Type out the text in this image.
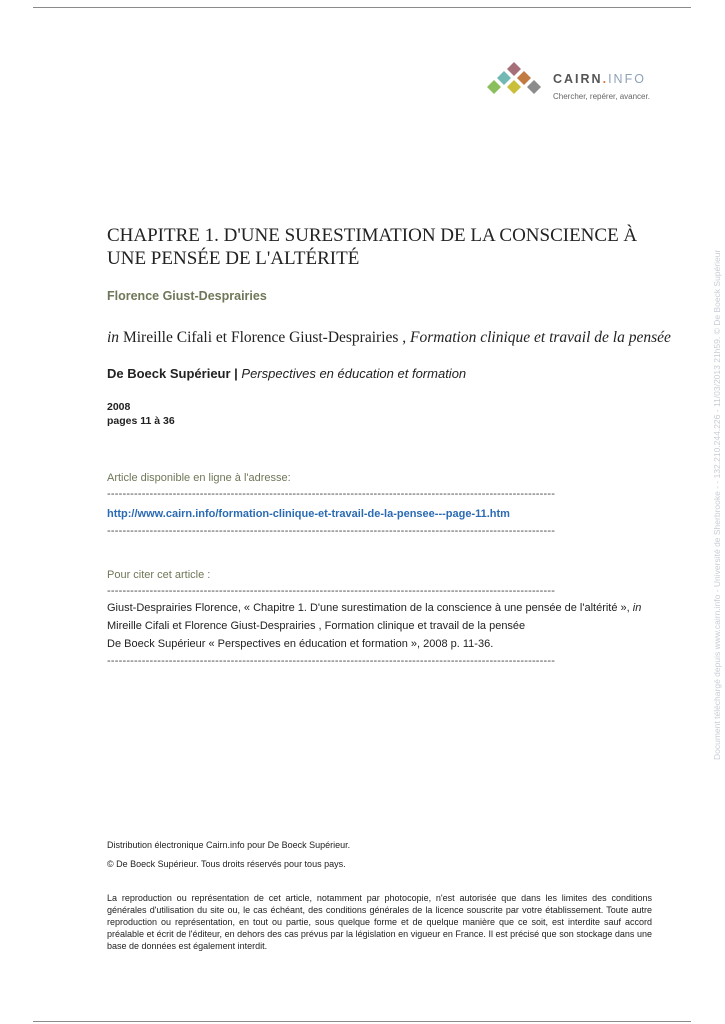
CAIRN.INFO
Chercher, repérer, avancer.
CHAPITRE 1. D'UNE SURESTIMATION DE LA CONSCIENCE À UNE PENSÉE DE L'ALTÉRITÉ
Florence Giust-Desprairies
in Mireille Cifali et Florence Giust-Desprairies , Formation clinique et travail de la pensée
De Boeck Supérieur | Perspectives en éducation et formation
2008
pages 11 à 36
Article disponible en ligne à l'adresse:
--------------------------------------------------------------------------------------------------------------------
http://www.cairn.info/formation-clinique-et-travail-de-la-pensee---page-11.htm
--------------------------------------------------------------------------------------------------------------------
Pour citer cet article :
--------------------------------------------------------------------------------------------------------------------
Giust-Desprairies Florence, « Chapitre 1. D'une surestimation de la conscience à une pensée de l'altérité », in Mireille Cifali et Florence Giust-Desprairies , Formation clinique et travail de la pensée
De Boeck Supérieur « Perspectives en éducation et formation », 2008 p. 11-36.
--------------------------------------------------------------------------------------------------------------------
Distribution électronique Cairn.info pour De Boeck Supérieur.
© De Boeck Supérieur. Tous droits réservés pour tous pays.
La reproduction ou représentation de cet article, notamment par photocopie, n'est autorisée que dans les limites des conditions générales d'utilisation du site ou, le cas échéant, des conditions générales de la licence souscrite par votre établissement. Toute autre reproduction ou représentation, en tout ou partie, sous quelque forme et de quelque manière que ce soit, est interdite sauf accord préalable et écrit de l'éditeur, en dehors des cas prévus par la législation en vigueur en France. Il est précisé que son stockage dans une base de données est également interdit.
Document téléchargé depuis www.cairn.info - Université de Sherbrooke - - 132.210.244.226 - 11/03/2013 21h59. © De Boeck Supérieur
